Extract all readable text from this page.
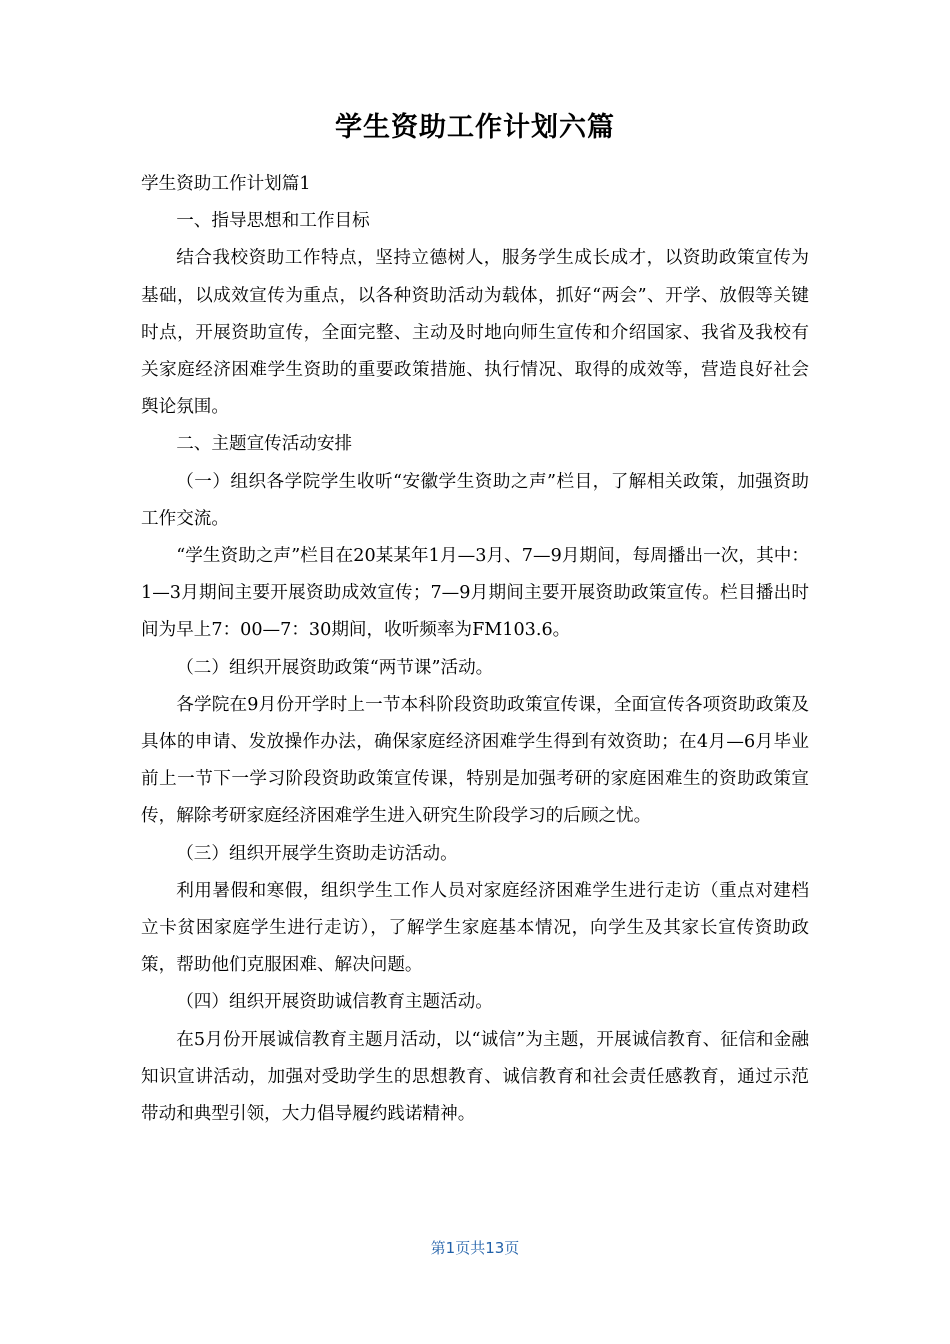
学生资助工作计划六篇

学生资助工作计划篇1

一、指导思想和工作目标

结合我校资助工作特点，坚持立德树人，服务学生成长成才，以资助政策宣传为基础，以成效宣传为重点，以各种资助活动为载体，抓好“两会”、开学、放假等关键时点，开展资助宣传，全面完整、主动及时地向师生宣传和介绍国家、我省及我校有关家庭经济困难学生资助的重要政策措施、执行情况、取得的成效等，营造良好社会舆论氛围。

二、主题宣传活动安排

（一）组织各学院学生收听“安徽学生资助之声”栏目，了解相关政策，加强资助工作交流。

“学生资助之声”栏目在20某某年1月—3月、7—9月期间，每周播出一次，其中：1—3月期间主要开展资助成效宣传；7—9月期间主要开展资助政策宣传。栏目播出时间为早上7：00—7：30期间，收听频率为FM103.6。

（二）组织开展资助政策“两节课”活动。

各学院在9月份开学时上一节本科阶段资助政策宣传课，全面宣传各项资助政策及具体的申请、发放操作办法，确保家庭经济困难学生得到有效资助；在4月—6月毕业前上一节下一学习阶段资助政策宣传课，特别是加强考研的家庭困难生的资助政策宣传，解除考研家庭经济困难学生进入研究生阶段学习的后顾之忧。

（三）组织开展学生资助走访活动。

利用暑假和寒假，组织学生工作人员对家庭经济困难学生进行走访（重点对建档立卡贫困家庭学生进行走访），了解学生家庭基本情况，向学生及其家长宣传资助政策，帮助他们克服困难、解决问题。

（四）组织开展资助诚信教育主题活动。

在5月份开展诚信教育主题月活动，以“诚信”为主题，开展诚信教育、征信和金融知识宣讲活动，加强对受助学生的思想教育、诚信教育和社会责任感教育，通过示范带动和典型引领，大力倡导履约践诺精神。

第1页共13页
